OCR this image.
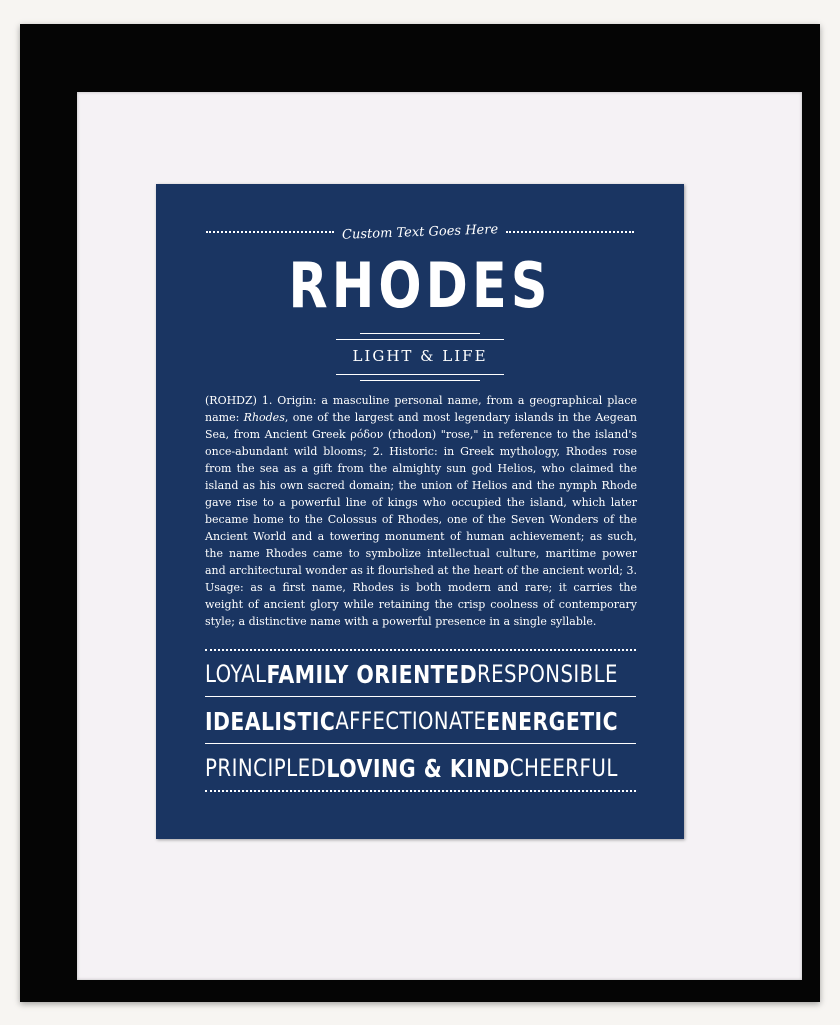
Custom Text Goes Here
RHODES
LIGHT & LIFE
(ROHDZ) 1. Origin: a masculine personal name, from a geographical place name: Rhodes, one of the largest and most legendary islands in the Aegean Sea, from Ancient Greek ρόδον (rhodon) "rose," in reference to the island's once-abundant wild blooms; 2. Historic: in Greek mythology, Rhodes rose from the sea as a gift from the almighty sun god Helios, who claimed the island as his own sacred domain; the union of Helios and the nymph Rhode gave rise to a powerful line of kings who occupied the island, which later became home to the Colossus of Rhodes, one of the Seven Wonders of the Ancient World and a towering monument of human achievement; as such, the name Rhodes came to symbolize intellectual culture, maritime power and architectural wonder as it flourished at the heart of the ancient world; 3. Usage: as a first name, Rhodes is both modern and rare; it carries the weight of ancient glory while retaining the crisp coolness of contemporary style; a distinctive name with a powerful presence in a single syllable.
LOYAL FAMILY ORIENTED RESPONSIBLE
IDEALISTIC AFFECTIONATE ENERGETIC
PRINCIPLED LOVING & KIND CHEERFUL
